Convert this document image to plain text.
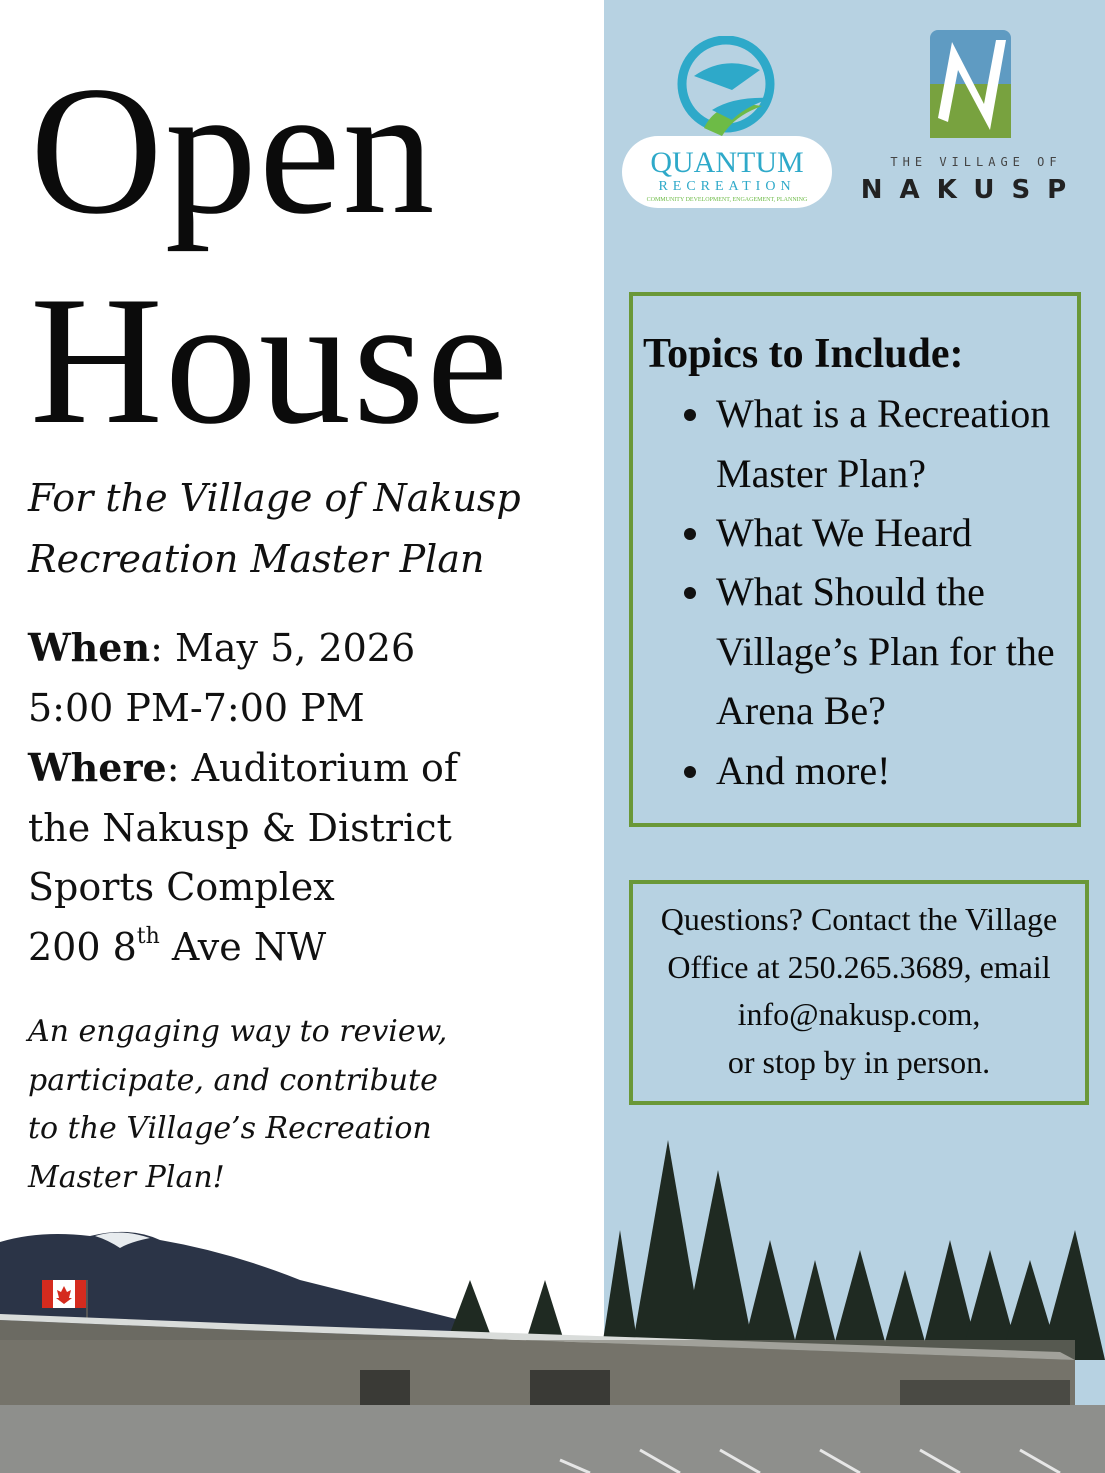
Open
House
For the Village of Nakusp
Recreation Master Plan
When: May 5, 2026
5:00 PM-7:00 PM
Where: Auditorium of
the Nakusp & District
Sports Complex
200 8th Ave NW
An engaging way to review,
participate, and contribute
to the Village’s Recreation
Master Plan!
QUANTUM
RECREATION
COMMUNITY DEVELOPMENT, ENGAGEMENT, PLANNING
THE VILLAGE OF
NAKUSP
Topics to Include:
What is a Recreation
Master Plan?
What We Heard
What Should the
Village’s Plan for the
Arena Be?
And more!
Questions? Contact the Village
Office at 250.265.3689, email
info@nakusp.com,
or stop by in person.
